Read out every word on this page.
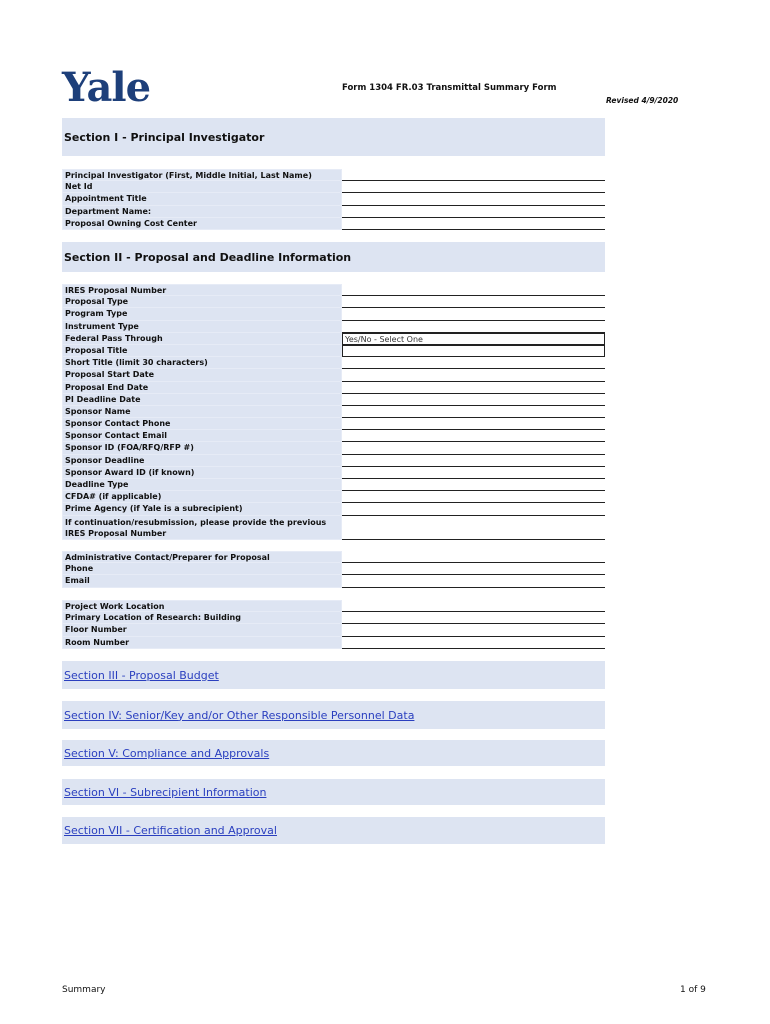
Yale	Form 1304 FR.03 Transmittal Summary Form
Revised 4/9/2020
Section I - Principal Investigator
Principal Investigator (First, Middle Initial, Last Name)
Net Id
Appointment Title
Department Name:
Proposal Owning Cost Center
Section II - Proposal and Deadline Information
IRES Proposal Number
Proposal Type
Program Type
Instrument Type
Federal Pass Through	Yes/No - Select One
Proposal Title
Short Title (limit 30 characters)
Proposal Start Date
Proposal End Date
PI Deadline Date
Sponsor Name
Sponsor Contact Phone
Sponsor Contact Email
Sponsor ID (FOA/RFQ/RFP #)
Sponsor Deadline
Sponsor Award ID (if known)
Deadline Type
CFDA# (if applicable)
Prime Agency (if Yale is a subrecipient)
If continuation/resubmission, please provide the previous IRES Proposal Number
Administrative Contact/Preparer for Proposal
Phone
Email
Project Work Location
Primary Location of Research: Building
Floor Number
Room Number
Section III - Proposal Budget
Section IV: Senior/Key and/or Other Responsible Personnel Data
Section V: Compliance and Approvals
Section VI - Subrecipient Information
Section VII - Certification and Approval
Summary	1 of 9
